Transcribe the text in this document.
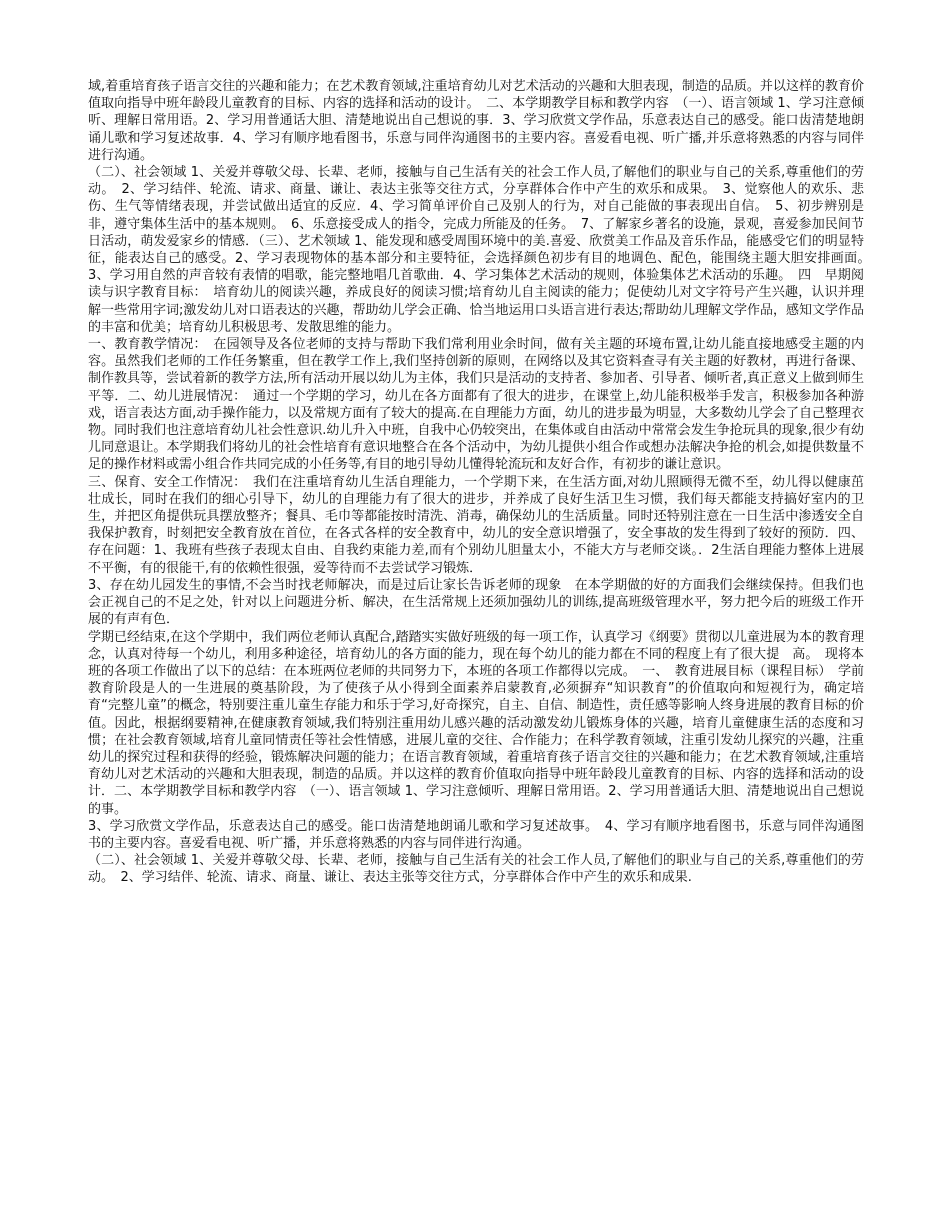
域,着重培育孩子语言交往的兴趣和能力；在艺术教育领域,注重培育幼儿对艺术活动的兴趣和大胆表现，制造的品质。并以这样的教育价值取向指导中班年龄段儿童教育的目标、内容的选择和活动的设计。　二、本学期教学目标和教学内容　（一）、语言领域 1、学习注意倾听、理解日常用语。2、学习用普通话大胆、清楚地说出自己想说的事．3、学习欣赏文学作品，乐意表达自己的感受。能口齿清楚地朗诵儿歌和学习复述故事．4、学习有顺序地看图书，乐意与同伴沟通图书的主要内容。喜爱看电视、听广播,并乐意将熟悉的内容与同伴进行沟通。

（二）、社会领域 1、关爱并尊敬父母、长辈、老师，接触与自己生活有关的社会工作人员,了解他们的职业与自己的关系,尊重他们的劳动。　2、学习结伴、轮流、请求、商量、谦让、表达主张等交往方式，分享群体合作中产生的欢乐和成果。　3、觉察他人的欢乐、悲伤、生气等情绪表现，并尝试做出适宜的反应．4、学习简单评价自己及别人的行为，对自己能做的事表现出自信。　5、初步辨别是非，遵守集体生活中的基本规则。　6、乐意接受成人的指令，完成力所能及的任务。　7、了解家乡著名的设施，景观，喜爱参加民间节日活动，萌发爱家乡的情感．（三）、艺术领域 1、能发现和感受周围环境中的美.喜爱、欣赏美工作品及音乐作品，能感受它们的明显特征，能表达自己的感受。2、学习表现物体的基本部分和主要特征，会选择颜色初步有目的地调色、配色，能围绕主题大胆安排画面。　3、学习用自然的声音较有表情的唱歌，能完整地唱几首歌曲．4、学习集体艺术活动的规则，体验集体艺术活动的乐趣。　四　早期阅读与识字教育目标：　培育幼儿的阅读兴趣，养成良好的阅读习惯;培育幼儿自主阅读的能力；促使幼儿对文字符号产生兴趣，认识并理解一些常用字词;激发幼儿对口语表达的兴趣，帮助幼儿学会正确、恰当地运用口头语言进行表达;帮助幼儿理解文学作品，感知文学作品的丰富和优美；培育幼儿积极思考、发散思维的能力。

一、教育教学情况：　在园领导及各位老师的支持与帮助下我们常利用业余时间，做有关主题的环境布置,让幼儿能直接地感受主题的内容。虽然我们老师的工作任务繁重，但在教学工作上,我们坚持创新的原则，在网络以及其它资料查寻有关主题的好教材，再进行备课、制作教具等，尝试着新的教学方法,所有活动开展以幼儿为主体，我们只是活动的支持者、参加者、引导者、倾听者,真正意义上做到师生平等．二、幼儿进展情况：　通过一个学期的学习，幼儿在各方面都有了很大的进步，在课堂上,幼儿能积极举手发言，积极参加各种游戏，语言表达方面,动手操作能力，以及常规方面有了较大的提高.在自理能力方面，幼儿的进步最为明显，大多数幼儿学会了自己整理衣物。同时我们也注意培育幼儿社会性意识.幼儿升入中班，自我中心仍较突出，在集体或自由活动中常常会发生争抢玩具的现象,很少有幼儿同意退让。本学期我们将幼儿的社会性培育有意识地整合在各个活动中，为幼儿提供小组合作或想办法解决争抢的机会,如提供数量不足的操作材料或需小组合作共同完成的小任务等,有目的地引导幼儿懂得轮流玩和友好合作，有初步的谦让意识。

三、保育、安全工作情况：　我们在注重培育幼儿生活自理能力，一个学期下来，在生活方面,对幼儿照顾得无微不至，幼儿得以健康茁壮成长，同时在我们的细心引导下，幼儿的自理能力有了很大的进步，并养成了良好生活卫生习惯，我们每天都能支持搞好室内的卫生，并把区角提供玩具摆放整齐；餐具、毛巾等都能按时清洗、消毒，确保幼儿的生活质量。同时还特别注意在一日生活中渗透安全自我保护教育，时刻把安全教育放在首位，在各式各样的安全教育中，幼儿的安全意识增强了，安全事故的发生得到了较好的预防．四、存在问题：1、我班有些孩子表现太自由、自我约束能力差,而有个别幼儿胆量太小，不能大方与老师交谈。．2生活自理能力整体上进展不平衡，有的很能干,有的依赖性很强，爱等待而不去尝试学习锻炼．

3、存在幼儿园发生的事情,不会当时找老师解决，而是过后让家长告诉老师的现象　在本学期做的好的方面我们会继续保持。但我们也会正视自己的不足之处，针对以上问题进分析、解决，在生活常规上还须加强幼儿的训练,提高班级管理水平，努力把今后的班级工作开展的有声有色．

学期已经结束,在这个学期中，我们两位老师认真配合,踏踏实实做好班级的每一项工作，认真学习《纲要》贯彻以儿童进展为本的教育理念，认真对待每一个幼儿，利用多种途径，培育幼儿的各方面的能力，现在每个幼儿的能力都在不同的程度上有了很大提　高。　现将本班的各项工作做出了以下的总结：在本班两位老师的共同努力下，本班的各项工作都得以完成。　一、　教育进展目标（课程目标）　学前教育阶段是人的一生进展的奠基阶段，为了使孩子从小得到全面素养启蒙教育,必须摒弃“知识教育”的价值取向和短视行为，确定培育“完整儿童”的概念，特别要注重儿童生存能力和乐于学习,好奇探究，自主、自信、制造性，责任感等影响人终身进展的教育目标的价值。因此，根据纲要精神,在健康教育领域,我们特别注重用幼儿感兴趣的活动激发幼儿锻炼身体的兴趣，培育儿童健康生活的态度和习惯；在社会教育领域,培育儿童同情责任等社会性情感，进展儿童的交往、合作能力；在科学教育领域，注重引发幼儿探究的兴趣，注重幼儿的探究过程和获得的经验，锻炼解决问题的能力；在语言教育领域，着重培育孩子语言交往的兴趣和能力；在艺术教育领域,注重培育幼儿对艺术活动的兴趣和大胆表现，制造的品质。并以这样的教育价值取向指导中班年龄段儿童教育的目标、内容的选择和活动的设计．二、本学期教学目标和教学内容　（一）、语言领域 1、学习注意倾听、理解日常用语。2、学习用普通话大胆、清楚地说出自己想说的事。

3、学习欣赏文学作品，乐意表达自己的感受。能口齿清楚地朗诵儿歌和学习复述故事。　4、学习有顺序地看图书，乐意与同伴沟通图书的主要内容。喜爱看电视、听广播，并乐意将熟悉的内容与同伴进行沟通。

（二）、社会领域 1、关爱并尊敬父母、长辈、老师，接触与自己生活有关的社会工作人员,了解他们的职业与自己的关系,尊重他们的劳动。　2、学习结伴、轮流、请求、商量、谦让、表达主张等交往方式，分享群体合作中产生的欢乐和成果.
